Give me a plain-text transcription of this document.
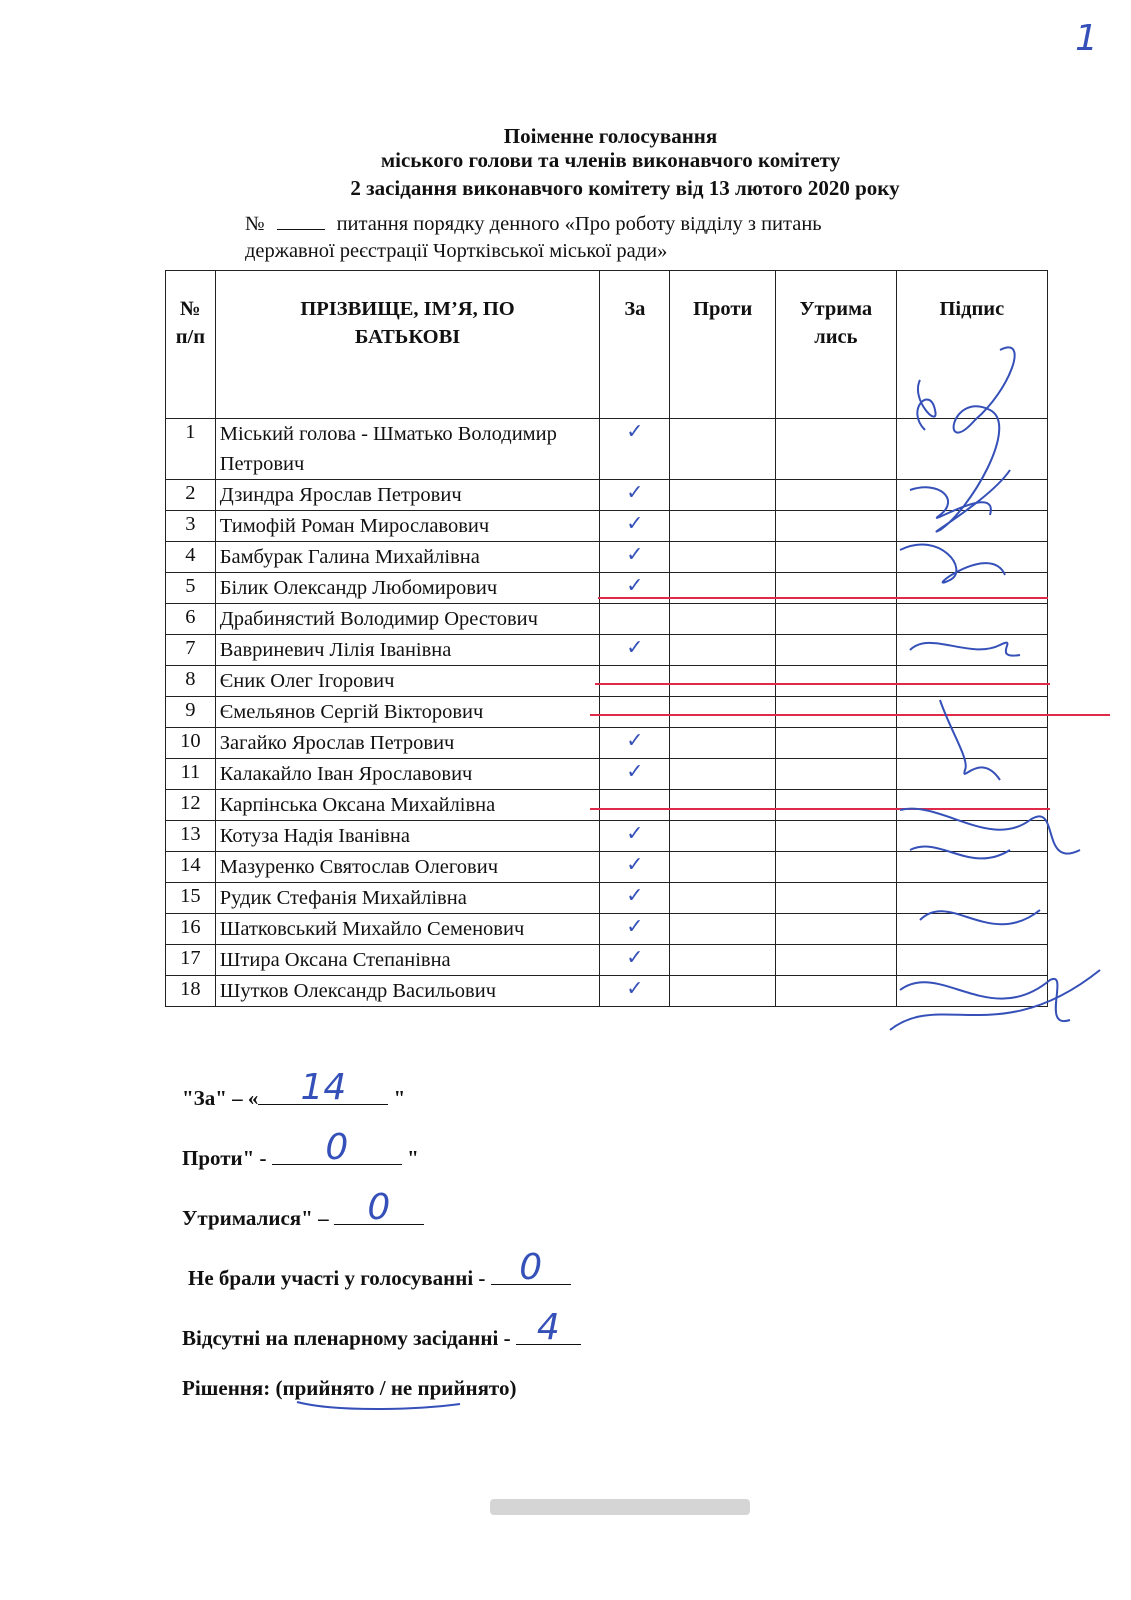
1
Поіменне голосування
міського голови та членів виконавчого комітету
2 засідання виконавчого комітету від 13 лютого 2020 року
№	питання порядку денного «Про роботу відділу з питань
державної реєстрації Чортківської міської ради»
№ п/п	ПРІЗВИЩЕ, ІМ’Я, ПО БАТЬКОВІ	За	Проти	Утрима лись	Підпис
1	Міський голова - Шматько Володимир Петрович	✓			
2	Дзиндра Ярослав Петрович	✓			
3	Тимофій Роман Мирославович	✓			
4	Бамбурак Галина Михайлівна	✓			
5	Білик Олександр Любомирович	✓			
6	Драбинястий Володимир Орестович				
7	Вавриневич Лілія Іванівна	✓			
8	Єник Олег Ігорович				
9	Ємельянов Сергій Вікторович				
10	Загайко Ярослав Петрович	✓			
11	Калакайло Іван Ярославович	✓			
12	Карпінська Оксана Михайлівна				
13	Котуза Надія Іванівна	✓			
14	Мазуренко Святослав Олегович	✓			
15	Рудик Стефанія Михайлівна	✓			
16	Шатковський Михайло Семенович	✓			
17	Штира Оксана Степанівна	✓			
18	Шутков Олександр Васильович	✓			
"За" – «	14	"
Проти" -	0	"
Утрималися" –	0
Не брали участі у голосуванні - 0
Відсутні на пленарному засіданні - 4
Рішення: (прийнято / не прийнято)
